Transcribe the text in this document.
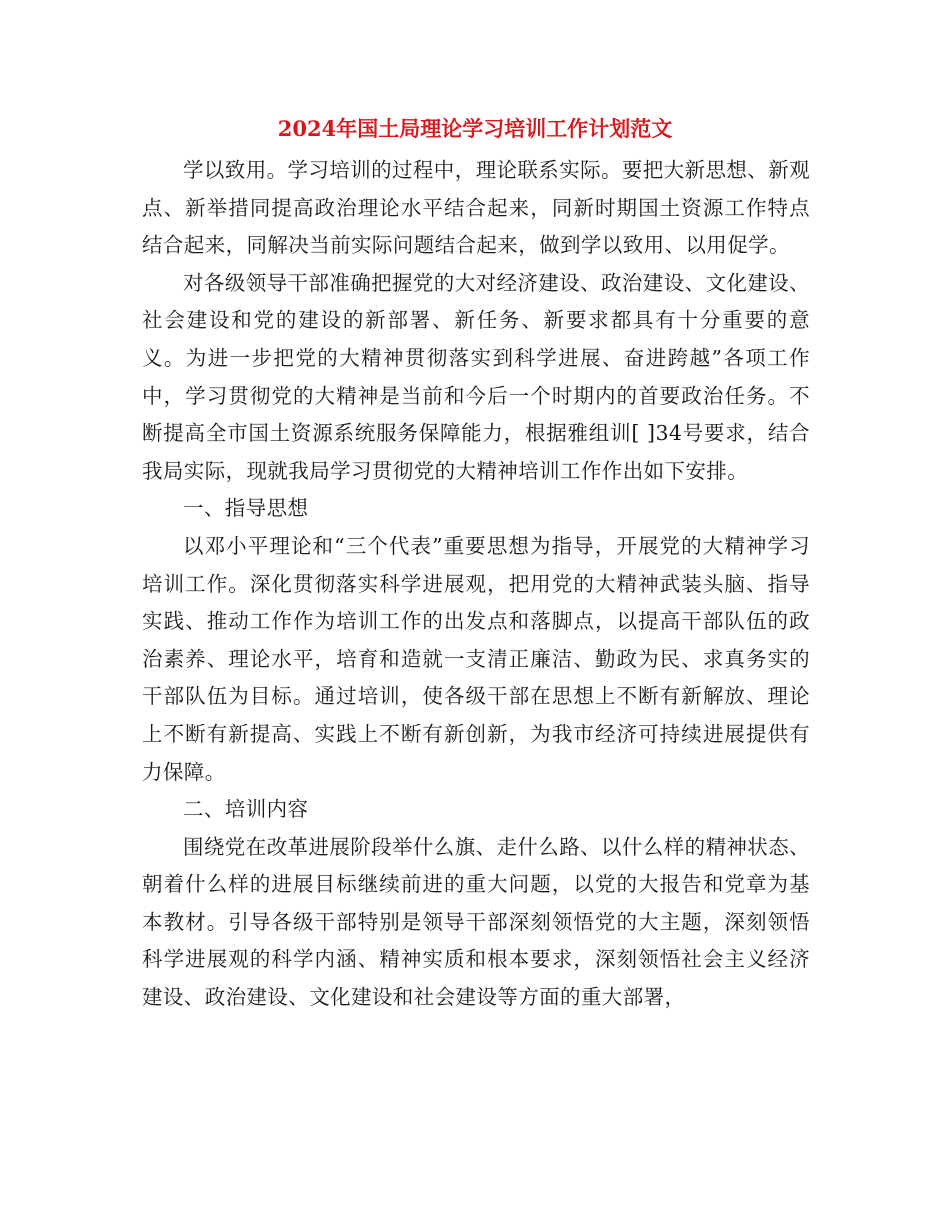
2024年国土局理论学习培训工作计划范文

学以致用。学习培训的过程中，理论联系实际。要把大新思想、新观点、新举措同提高政治理论水平结合起来，同新时期国土资源工作特点结合起来，同解决当前实际问题结合起来，做到学以致用、以用促学。

对各级领导干部准确把握党的大对经济建设、政治建设、文化建设、社会建设和党的建设的新部署、新任务、新要求都具有十分重要的意义。为进一步把党的大精神贯彻落实到科学进展、奋进跨越”各项工作中，学习贯彻党的大精神是当前和今后一个时期内的首要政治任务。不断提高全市国土资源系统服务保障能力，根据雅组训[ ]34号要求，结合我局实际，现就我局学习贯彻党的大精神培训工作作出如下安排。

一、指导思想

以邓小平理论和“三个代表”重要思想为指导，开展党的大精神学习培训工作。深化贯彻落实科学进展观，把用党的大精神武装头脑、指导实践、推动工作作为培训工作的出发点和落脚点，以提高干部队伍的政治素养、理论水平，培育和造就一支清正廉洁、勤政为民、求真务实的干部队伍为目标。通过培训，使各级干部在思想上不断有新解放、理论上不断有新提高、实践上不断有新创新，为我市经济可持续进展提供有力保障。

二、培训内容

围绕党在改革进展阶段举什么旗、走什么路、以什么样的精神状态、朝着什么样的进展目标继续前进的重大问题，以党的大报告和党章为基本教材。引导各级干部特别是领导干部深刻领悟党的大主题，深刻领悟科学进展观的科学内涵、精神实质和根本要求，深刻领悟社会主义经济建设、政治建设、文化建设和社会建设等方面的重大部署，
